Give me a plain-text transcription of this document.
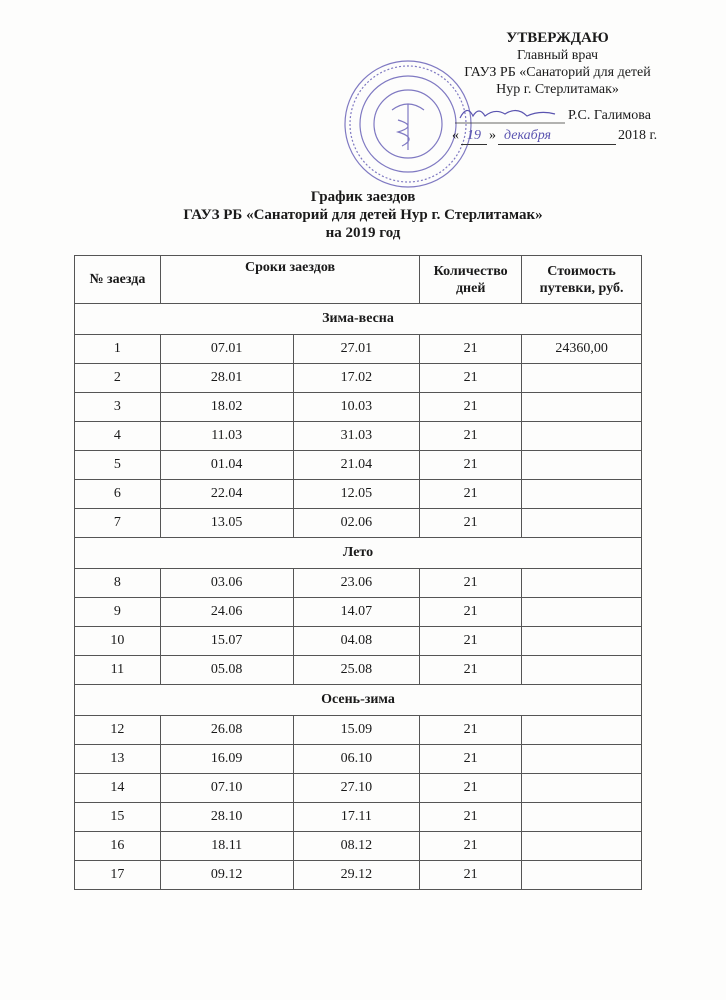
УТВЕРЖДАЮ
Главный врач
ГАУЗ РБ «Санаторий для детей
Нур г. Стерлитамак»
Р.С. Галимова
« 19 » декабря	2018 г.
График заездов
ГАУЗ РБ «Санаторий для детей Нур г. Стерлитамак»
на 2019 год
№ заезда	Сроки заездов		Количество дней	Стоимость путевки, руб.
Зима-весна				
1	07.01	27.01	21	24360,00
2	28.01	17.02	21	
3	18.02	10.03	21	
4	11.03	31.03	21	
5	01.04	21.04	21	
6	22.04	12.05	21	
7	13.05	02.06	21	
Лето				
8	03.06	23.06	21	
9	24.06	14.07	21	
10	15.07	04.08	21	
11	05.08	25.08	21	
Осень-зима				
12	26.08	15.09	21	
13	16.09	06.10	21	
14	07.10	27.10	21	
15	28.10	17.11	21	
16	18.11	08.12	21	
17	09.12	29.12	21	
